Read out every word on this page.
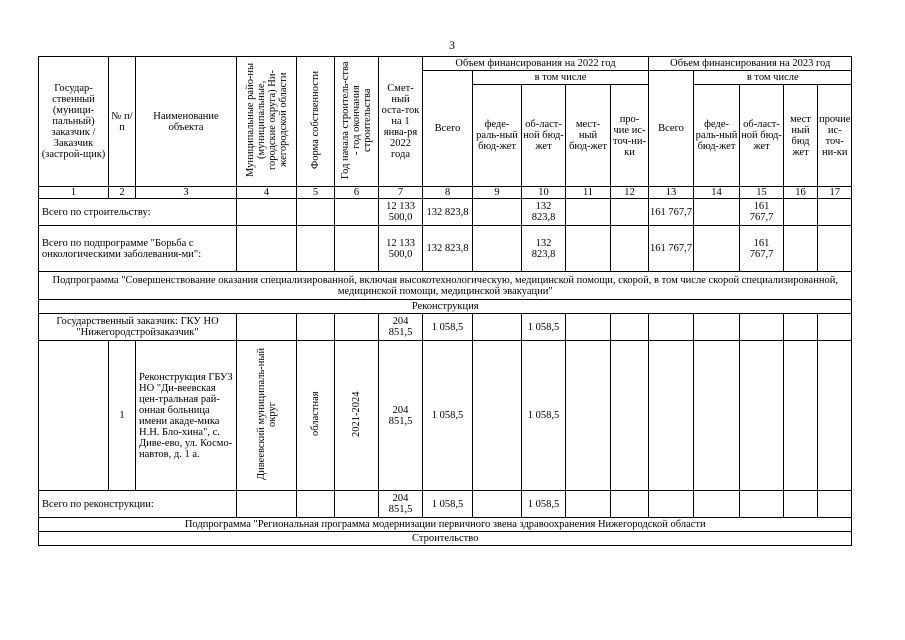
3
Государ-ственный (муници-пальный) заказчик / Заказчик (застрой-щик)	№ п/п	Наименование объекта	Муниципальные райо-ны (муниципальные, городские округа) Ни-жегородской области	Форма собственности	Год начала строитель-ства - год окончания строительства	Смет-ный оста-ток на 1 янва-ря 2022 года	Объем финансирования на 2022 год					Объем финансирования на 2023 год				
							Всего	в том числе				Всего	в том числе			
								феде-раль-ный бюд-жет	об-ласт-ной бюд-жет	мест-ный бюд-жет	про-чие ис-точ-ни-ки		феде-раль-ный бюд-жет	об-ласт-ной бюд-жет	мест ный бюд жет	прочие ис-точ-ни-ки
1	2	3	4	5	6	7	8	9	10	11	12	13	14	15	16	17
Всего по строительству:						12 133 500,0	132 823,8		132 823,8			161 767,7		161 767,7		
Всего по подпрограмме "Борьба с онкологическими заболевания-ми":						12 133 500,0	132 823,8		132 823,8			161 767,7		161 767,7		
Подпрограмма "Совершенствование оказания специализированной, включая высокотехнологическую, медицинской помощи, скорой, в том числе скорой специализированной, медицинской помощи, медицинской эвакуации"																
Реконструкция																
Государственный заказчик: ГКУ НО "Нижегородстройзаказчик"						204 851,5	1 058,5		1 058,5							
	1	Реконструкция ГБУЗ НО "Ди-веевская цен-тральная рай-онная больница имени акаде-мика Н.Н. Бло-хина", с. Диве-ево, ул. Космо-навтов, д. 1 а.	Дивеевский муниципаль-ный округ	областная	2021-2024	204 851,5	1 058,5		1 058,5							
Всего по реконструкции:						204 851,5	1 058,5		1 058,5							
Подпрограмма "Региональная программа модернизации первичного звена здравоохранения Нижегородской области																
Строительство																
